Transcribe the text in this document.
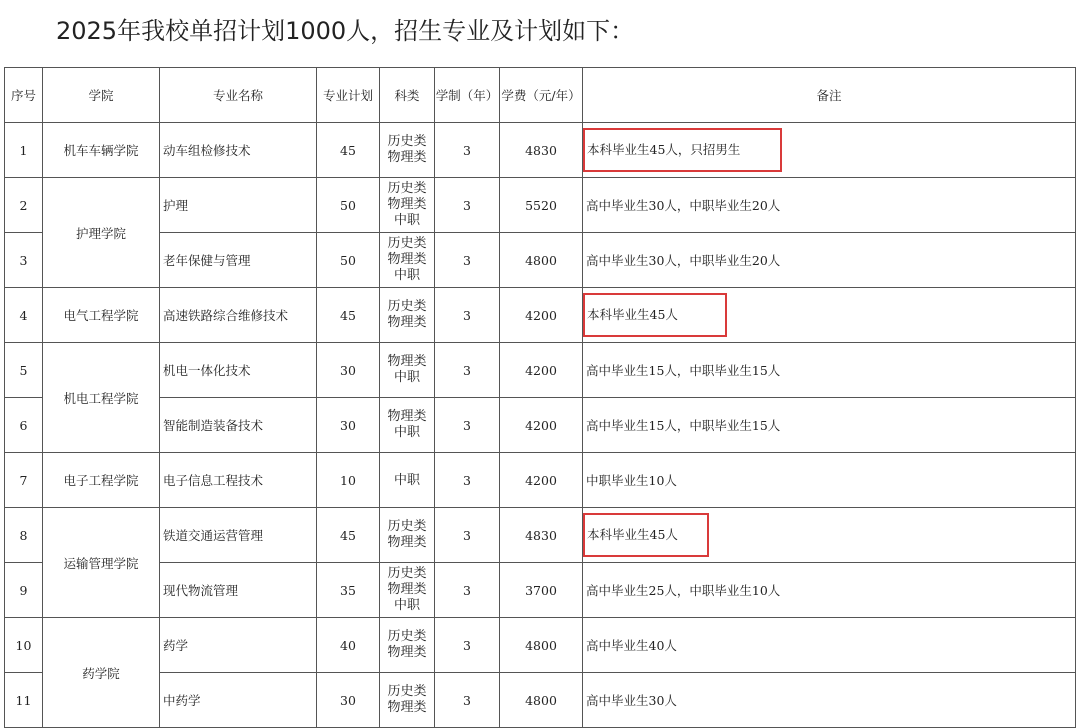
2025年我校单招计划1000人，招生专业及计划如下：
序号	学院	专业名称	专业计划	科类	学制（年）	学费（元/年）	备注
1	机车车辆学院	动车组检修技术	45	历史类
物理类	3	4830	本科毕业生45人，只招男生
2	护理学院	护理	50	历史类
物理类
中职	3	5520	高中毕业生30人，中职毕业生20人
3		老年保健与管理	50	历史类
物理类
中职	3	4800	高中毕业生30人，中职毕业生20人
4	电气工程学院	高速铁路综合维修技术	45	历史类
物理类	3	4200	本科毕业生45人
5	机电工程学院	机电一体化技术	30	物理类
中职	3	4200	高中毕业生15人，中职毕业生15人
6		智能制造装备技术	30	物理类
中职	3	4200	高中毕业生15人，中职毕业生15人
7	电子工程学院	电子信息工程技术	10	中职	3	4200	中职毕业生10人
8	运输管理学院	铁道交通运营管理	45	历史类
物理类	3	4830	本科毕业生45人
9		现代物流管理	35	历史类
物理类
中职	3	3700	高中毕业生25人，中职毕业生10人
10	药学院	药学	40	历史类
物理类	3	4800	高中毕业生40人
11		中药学	30	历史类
物理类	3	4800	高中毕业生30人
